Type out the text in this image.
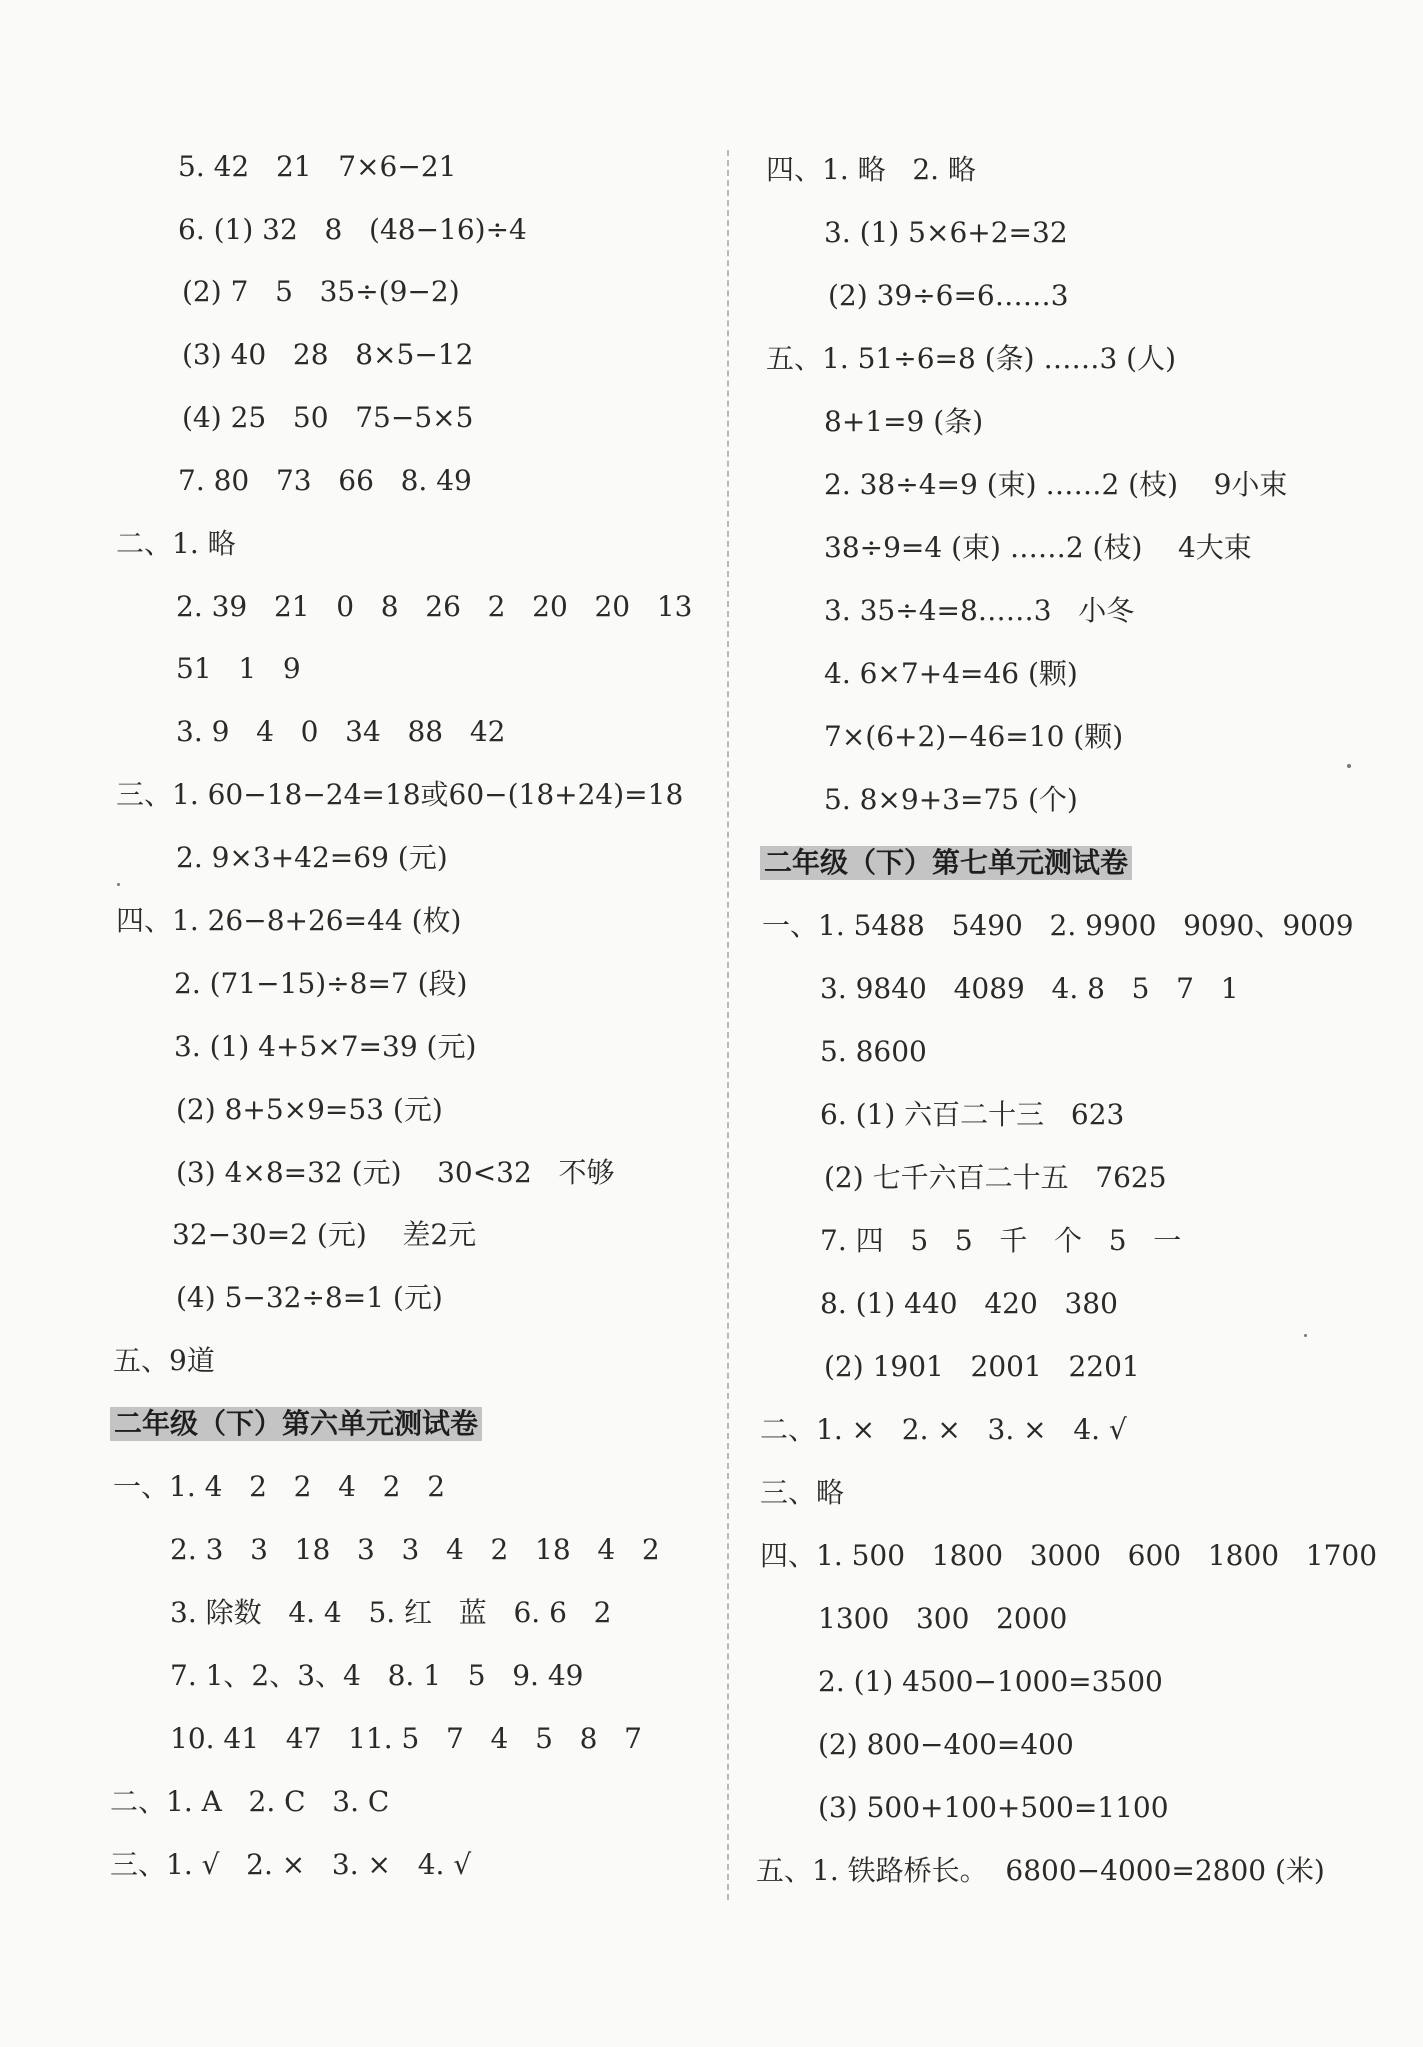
5. 42   21   7×6−21
6. (1) 32   8   (48−16)÷4
(2) 7   5   35÷(9−2)
(3) 40   28   8×5−12
(4) 25   50   75−5×5
7. 80   73   66   8. 49
二、1. 略
2. 39   21   0   8   26   2   20   20   13
51   1   9
3. 9   4   0   34   88   42
三、1. 60−18−24=18或60−(18+24)=18
2. 9×3+42=69 (元)
四、1. 26−8+26=44 (枚)
2. (71−15)÷8=7 (段)
3. (1) 4+5×7=39 (元)
(2) 8+5×9=53 (元)
(3) 4×8=32 (元)    30<32   不够
32−30=2 (元)    差2元
(4) 5−32÷8=1 (元)
五、9道
二年级（下）第六单元测试卷
一、1. 4   2   2   4   2   2
2. 3   3   18   3   3   4   2   18   4   2
3. 除数   4. 4   5. 红   蓝   6. 6   2
7. 1、2、3、4   8. 1   5   9. 49
10. 41   47   11. 5   7   4   5   8   7
二、1. A   2. C   3. C
三、1. √   2. ×   3. ×   4. √
四、1. 略   2. 略
3. (1) 5×6+2=32
(2) 39÷6=6……3
五、1. 51÷6=8 (条) ……3 (人)
8+1=9 (条)
2. 38÷4=9 (束) ……2 (枝)    9小束
38÷9=4 (束) ……2 (枝)    4大束
3. 35÷4=8……3   小冬
4. 6×7+4=46 (颗)
7×(6+2)−46=10 (颗)
5. 8×9+3=75 (个)
二年级（下）第七单元测试卷
一、1. 5488   5490   2. 9900   9090、9009
3. 9840   4089   4. 8   5   7   1
5. 8600
6. (1) 六百二十三   623
(2) 七千六百二十五   7625
7. 四   5   5   千   个   5   一
8. (1) 440   420   380
(2) 1901   2001   2201
二、1. ×   2. ×   3. ×   4. √
三、略
四、1. 500   1800   3000   600   1800   1700
1300   300   2000
2. (1) 4500−1000=3500
(2) 800−400=400
(3) 500+100+500=1100
五、1. 铁路桥长。  6800−4000=2800 (米)
